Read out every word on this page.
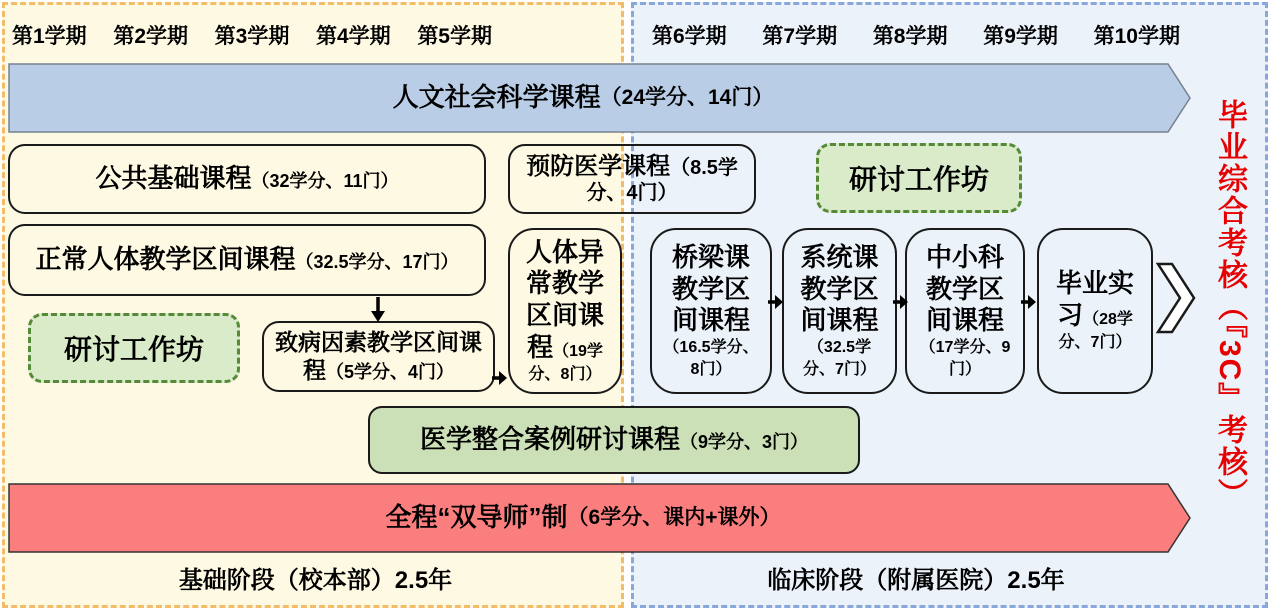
第1学期 第2学期 第3学期 第4学期 第5学期	第6学期 第7学期 第8学期 第9学期 第10学期
人文社会科学课程 （24学分、14门）
公共基础课程（32学分、11门）
预防医学课程（8.5学分、4门）	研讨工作坊
正常人体教学区间课程（32.5学分、17门）
研讨工作坊	致病因素教学区间课程（5学分、4门）
人体异常教学区间课程（19学分、8门）
桥梁课教学区间课程（16.5学分、8门）
系统课教学区间课程（32.5学分、7门）
中小科教学区间课程（17学分、9门）
毕业实习（28学分、7门）
医学整合案例研讨课程（9学分、3门）
全程“双导师”制 （6学分、课内+课外）
毕业综合考核（『3C』考核）
基础阶段（校本部）2.5年	临床阶段（附属医院）2.5年
